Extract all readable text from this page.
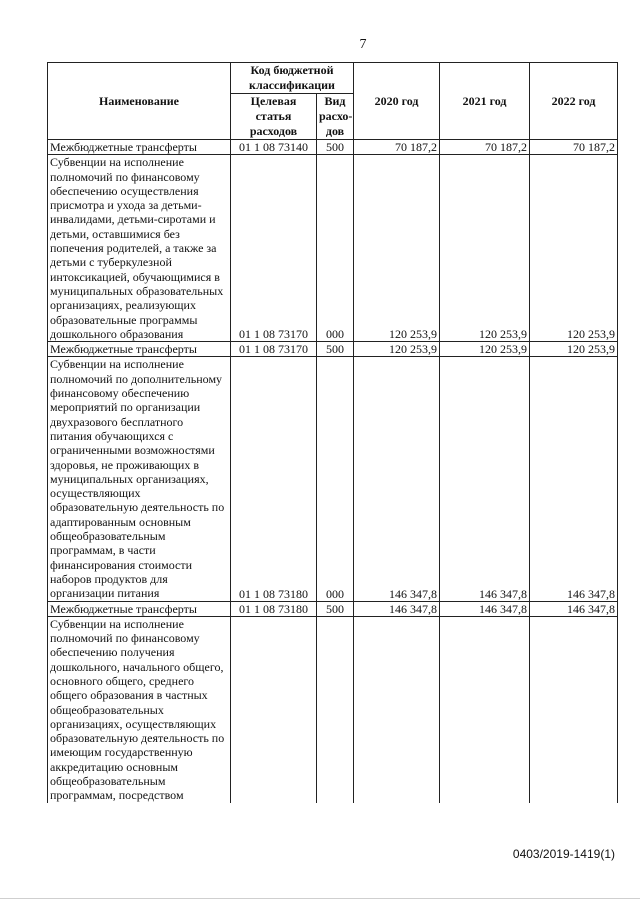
7
Наименование	Код бюджетной классификации		2020 год	2021 год	2022 год
	Целевая статья расходов	Вид расхо-дов			
Межбюджетные трансферты	01 1 08 73140	500	70 187,2	70 187,2	70 187,2
Субвенции на исполнение полномочий по финансовому обеспечению осуществления присмотра и ухода за детьми-инвалидами, детьми-сиротами и детьми, оставшимися без попечения родителей, а также за детьми с туберкулезной интоксикацией, обучающимися в муниципальных образовательных организациях, реализующих образовательные программы дошкольного образования	01 1 08 73170	000	120 253,9	120 253,9	120 253,9
Межбюджетные трансферты	01 1 08 73170	500	120 253,9	120 253,9	120 253,9
Субвенции на исполнение полномочий по дополнительному финансовому обеспечению мероприятий по организации двухразового бесплатного питания обучающихся с ограниченными возможностями здоровья, не проживающих в муниципальных организациях, осуществляющих образовательную деятельность по адаптированным основным общеобразовательным программам, в части финансирования стоимости наборов продуктов для организации питания	01 1 08 73180	000	146 347,8	146 347,8	146 347,8
Межбюджетные трансферты	01 1 08 73180	500	146 347,8	146 347,8	146 347,8
Субвенции на исполнение полномочий по финансовому обеспечению получения дошкольного, начального общего, основного общего, среднего общего образования в частных общеобразовательных организациях, осуществляющих образовательную деятельность по имеющим государственную аккредитацию основным общеобразовательным программам, посредством					
0403/2019-1419(1)
